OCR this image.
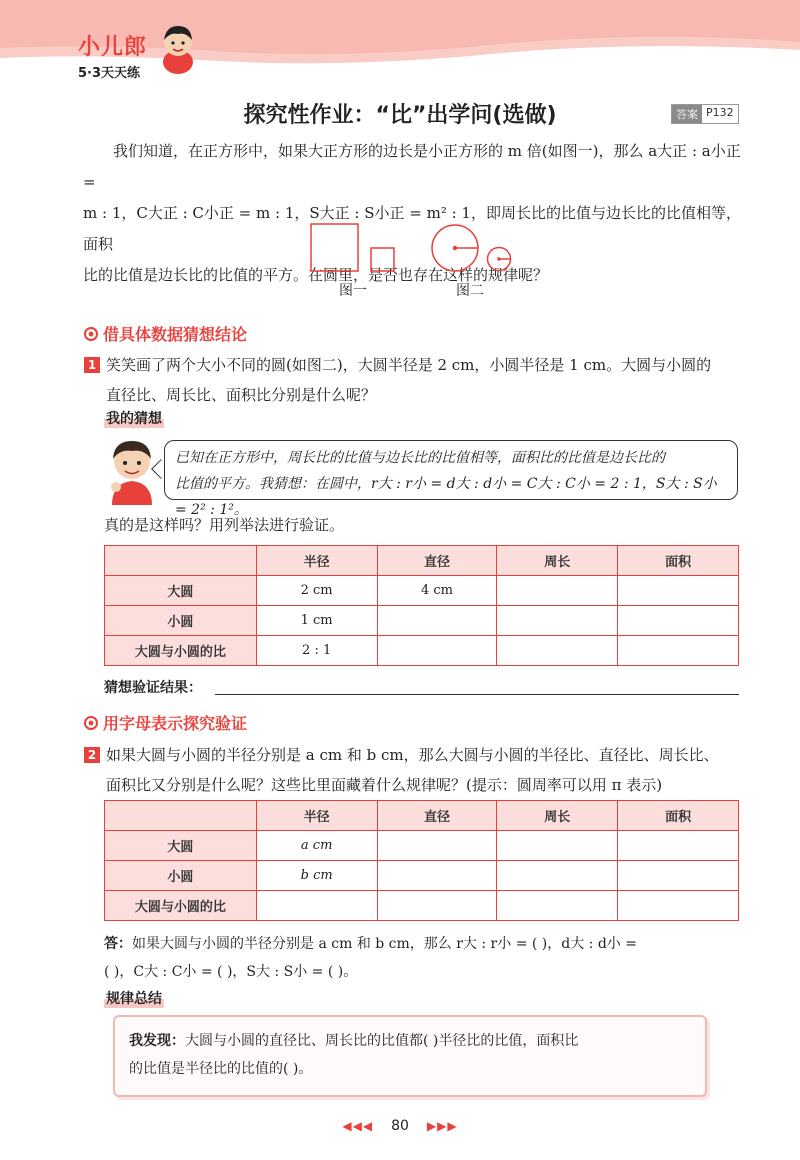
小儿郎
5·3天天练
探究性作业：“比”出学问(选做)	答案 P132

我们知道，在正方形中，如果大正方形的边长是小正方形的 m 倍(如图一)，那么 a大正 : a小正 =

m : 1，C大正 : C小正 = m : 1，S大正 : S小正 = m² : 1，即周长比的比值与边长比的比值相等，面积
比的比值是边长比的比值的平方。在圆里，是否也存在这样的规律呢？
图一	图二
借具体数据猜想结论
1 笑笑画了两个大小不同的圆(如图二)，大圆半径是 2 cm，小圆半径是 1 cm。大圆与小圆的
直径比、周长比、面积比分别是什么呢？
我的猜想
已知在正方形中，周长比的比值与边长比的比值相等，面积比的比值是边长比的
比值的平方。我猜想：在圆中，r大 : r小 = d大 : d小 = C大 : C小 = 2 : 1，S大 : S小 = 2² : 1²。
真的是这样吗？用列举法进行验证。
	半径	直径	周长	面积
大圆	2 cm	4 cm		
小圆	1 cm			
大圆与小圆的比	2 : 1			
猜想验证结果：
用字母表示探究验证
2 如果大圆与小圆的半径分别是 a cm 和 b cm，那么大圆与小圆的半径比、直径比、周长比、
面积比又分别是什么呢？这些比里面藏着什么规律呢？(提示：圆周率可以用 π 表示)
	半径	直径	周长	面积
大圆	a cm			
小圆	b cm			
大圆与小圆的比				
答：如果大圆与小圆的半径分别是 a cm 和 b cm，那么 r大 : r小 = ( )，d大 : d小 =
( )，C大 : C小 = ( )，S大 : S小 = ( )。
规律总结
我发现：大圆与小圆的直径比、周长比的比值都( )半径比的比值，面积比
的比值是半径比的比值的( )。
◀◀◀ 80 ▶▶▶
